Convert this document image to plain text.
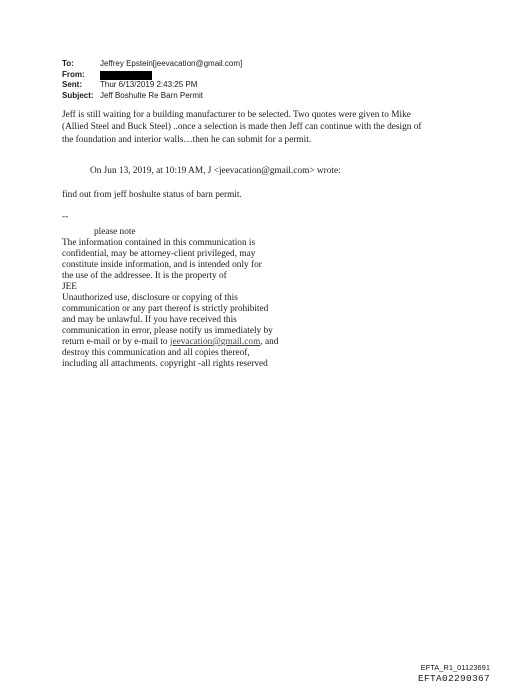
To:	Jeffrey Epstein[jeevacation@gmail.com]
From:
Sent:	Thur 6/13/2019 2:43:25 PM
Subject: Jeff Boshulte Re Barn Permit
Jeff is still waiting for a building manufacturer to be selected. Two quotes were given to Mike
(Allied Steel and Buck Steel) ..once a selection is made then Jeff can continue with the design of
the foundation and interior walls…then he can submit for a permit.
On Jun 13, 2019, at 10:19 AM, J <jeevacation@gmail.com> wrote:
find out from jeff boshulte status of barn permit.
--
please note
The information contained in this communication is
confidential, may be attorney-client privileged, may
constitute inside information, and is intended only for
the use of the addressee. It is the property of
JEE
Unauthorized use, disclosure or copying of this
communication or any part thereof is strictly prohibited
and may be unlawful. If you have received this
communication in error, please notify us immediately by
return e-mail or by e-mail to jeevacation@gmail.com, and
destroy this communication and all copies thereof,
including all attachments. copyright -all rights reserved
EFTA_R1_01123691
EFTA02290367
